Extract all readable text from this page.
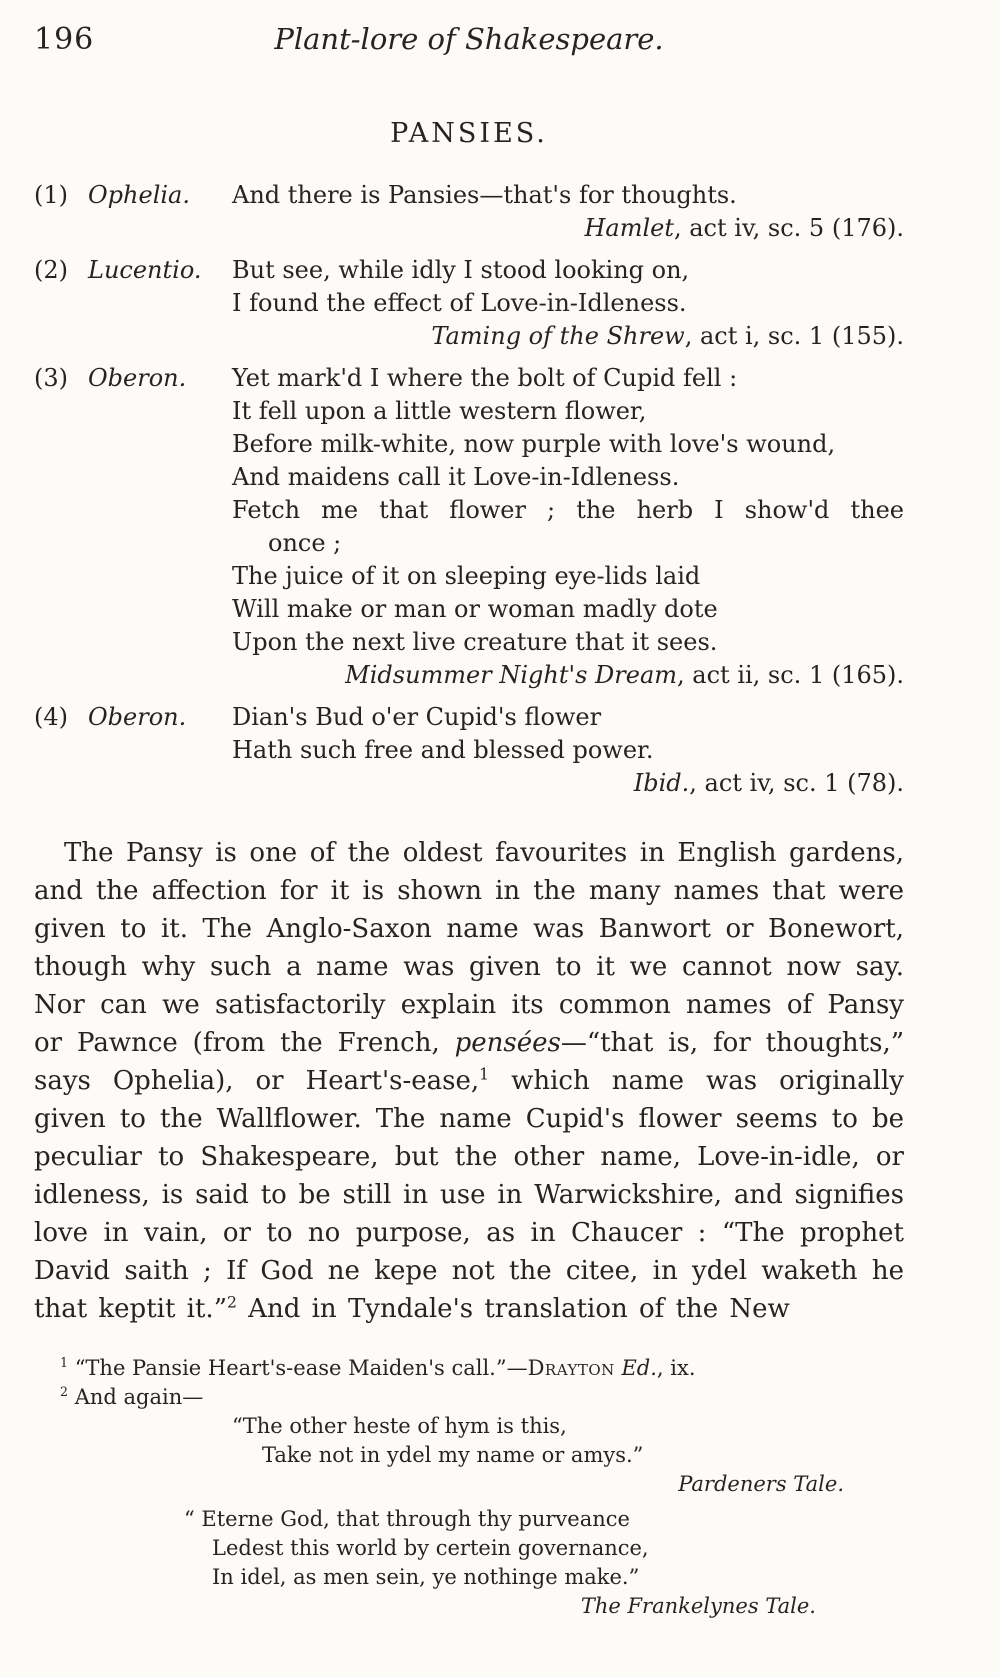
196	Plant-lore of Shakespeare.
PANSIES.
(1) Ophelia.	And there is Pansies—that's for thoughts.
Hamlet, act iv, sc. 5 (176).
(2) Lucentio.	But see, while idly I stood looking on,
I found the effect of Love-in-Idleness.
Taming of the Shrew, act i, sc. 1 (155).
(3) Oberon.	Yet mark'd I where the bolt of Cupid fell :
It fell upon a little western flower,
Before milk-white, now purple with love's wound,
And maidens call it Love-in-Idleness.
Fetch me that flower ; the herb I show'd thee
once ;
The juice of it on sleeping eye-lids laid
Will make or man or woman madly dote
Upon the next live creature that it sees.
Midsummer Night's Dream, act ii, sc. 1 (165).
(4) Oberon.	Dian's Bud o'er Cupid's flower
Hath such free and blessed power.
Ibid., act iv, sc. 1 (78).

The Pansy is one of the oldest favourites in English gardens, and the affection for it is shown in the many names that were given to it. The Anglo-Saxon name was Banwort or Bonewort, though why such a name was given to it we cannot now say. Nor can we satisfactorily explain its common names of Pansy or Pawnce (from the French, pensées—“that is, for thoughts,” says Ophelia), or Heart's-ease,$^1$ which name was originally given to the Wallflower. The name Cupid's flower seems to be peculiar to Shakespeare, but the other name, Love-in-idle, or idleness, is said to be still in use in Warwickshire, and signifies love in vain, or to no purpose, as in Chaucer : “The prophet David saith ; If God ne kepe not the citee, in ydel waketh he that keptit it.”$^2$ And in Tyndale's translation of the New

$^1$ “The Pansie Heart's-ease Maiden's call.”—Drayton Ed., ix.

$^2$ And again—

“The other heste of hym is this,
Take not in ydel my name or amys.”
Pardeners Tale.
“ Eterne God, that through thy purveance
Ledest this world by certein governance,
In idel, as men sein, ye nothinge make.”
The Frankelynes Tale.
